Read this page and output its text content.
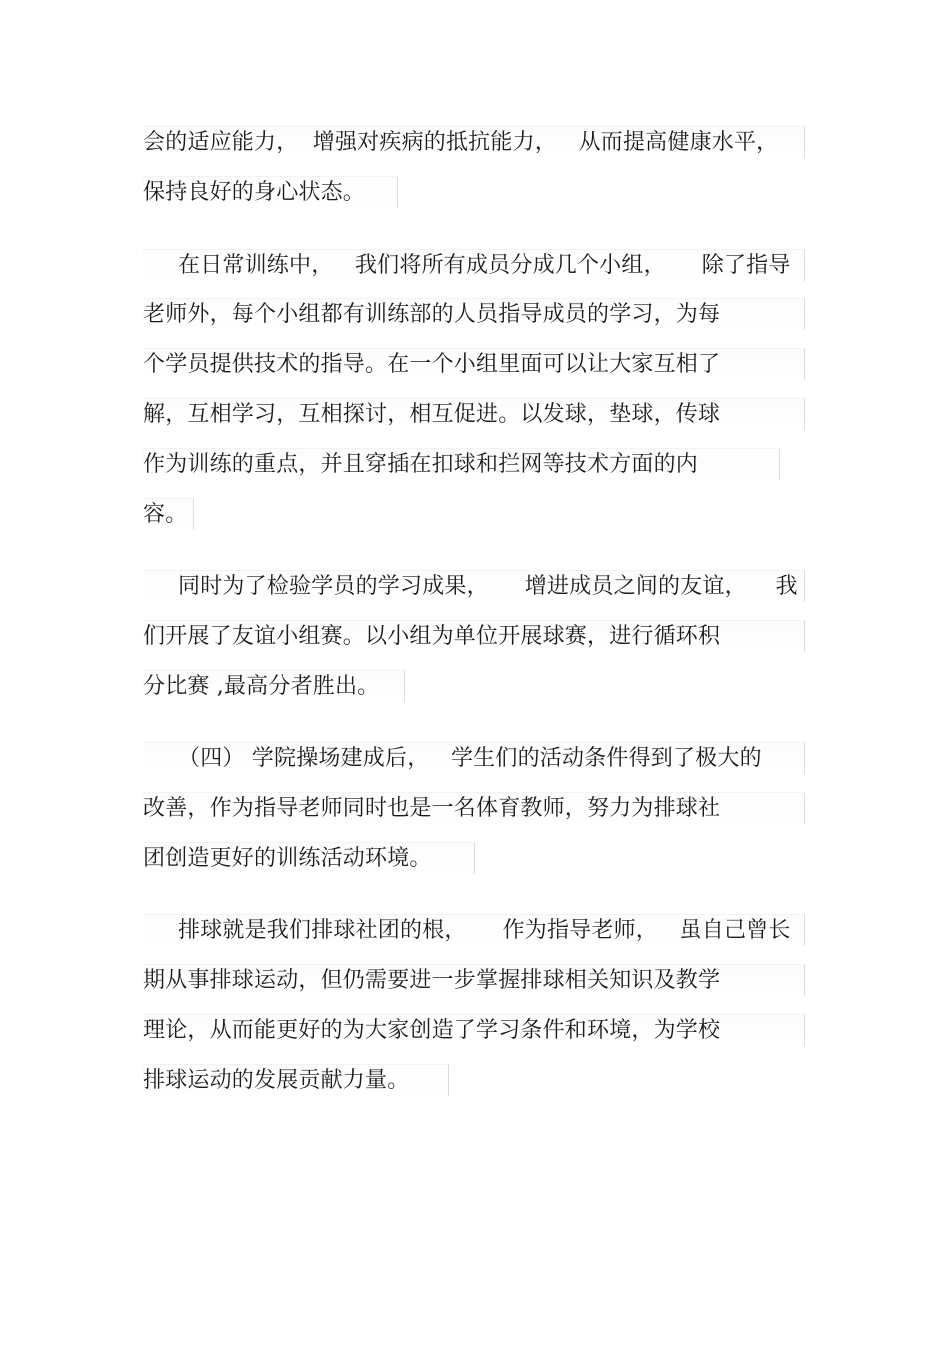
会的适应能力，  增强对疾病的抵抗能力，   从而提高健康水平，
保持良好的身心状态。
在日常训练中，   我们将所有成员分成几个小组，     除了指导
老师外，每个小组都有训练部的人员指导成员的学习，为每
个学员提供技术的指导。在一个小组里面可以让大家互相了
解，互相学习，互相探讨，相互促进。以发球，垫球，传球
作为训练的重点，并且穿插在扣球和拦网等技术方面的内
容。
同时为了检验学员的学习成果，     增进成员之间的友谊，    我
们开展了友谊小组赛。以小组为单位开展球赛，进行循环积
分比赛 ,最高分者胜出。
（四） 学院操场建成后，   学生们的活动条件得到了极大的
改善，作为指导老师同时也是一名体育教师，努力为排球社
团创造更好的训练活动环境。
排球就是我们排球社团的根，     作为指导老师，   虽自己曾长
期从事排球运动，但仍需要进一步掌握排球相关知识及教学
理论，从而能更好的为大家创造了学习条件和环境，为学校
排球运动的发展贡献力量。
